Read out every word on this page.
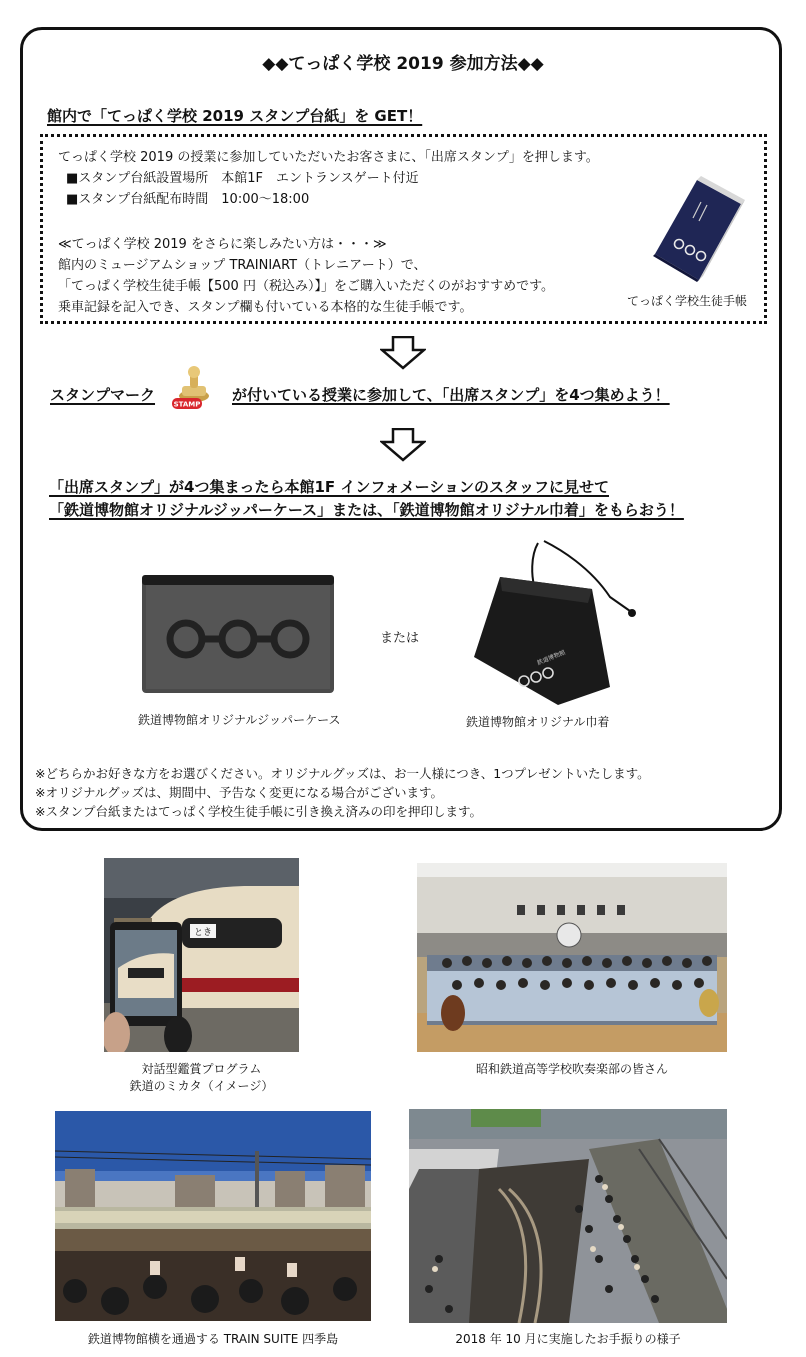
◆◆てっぱく学校 2019 参加方法◆◆
館内で「てっぱく学校 2019 スタンプ台紙」を GET！
てっぱく学校 2019 の授業に参加していただいたお客さまに、「出席スタンプ」を押します。
■スタンプ台紙設置場所　本館1F　エントランスゲート付近
■スタンプ台紙配布時間　10:00～18:00
≪てっぱく学校 2019 をさらに楽しみたい方は・・・≫
館内のミュージアムショップ TRAINIART（トレニアート）で、
「てっぱく学校生徒手帳【500 円（税込み）】」をご購入いただくのがおすすめです。
乗車記録を記入でき、スタンプ欄も付いている本格的な生徒手帳です。	てっぱく学校生徒手帳
スタンプマーク
STAMP
が付いている授業に参加して、「出席スタンプ」を4つ集めよう！
「出席スタンプ」が4つ集まったら本館1F インフォメーションのスタッフに見せて
「鉄道博物館オリジナルジッパーケース」または、「鉄道博物館オリジナル巾着」をもらおう！
または
鉄道博物館
鉄道博物館オリジナルジッパーケース	鉄道博物館オリジナル巾着
※どちらかお好きな方をお選びください。オリジナルグッズは、お一人様につき、1つプレゼントいたします。
※オリジナルグッズは、期間中、予告なく変更になる場合がございます。
※スタンプ台紙またはてっぱく学校生徒手帳に引き換え済みの印を押印します。
とき
対話型鑑賞プログラム
鉄道のミカタ（イメージ）
昭和鉄道高等学校吹奏楽部の皆さん
鉄道博物館横を通過する TRAIN SUITE 四季島	2018 年 10 月に実施したお手振りの様子
